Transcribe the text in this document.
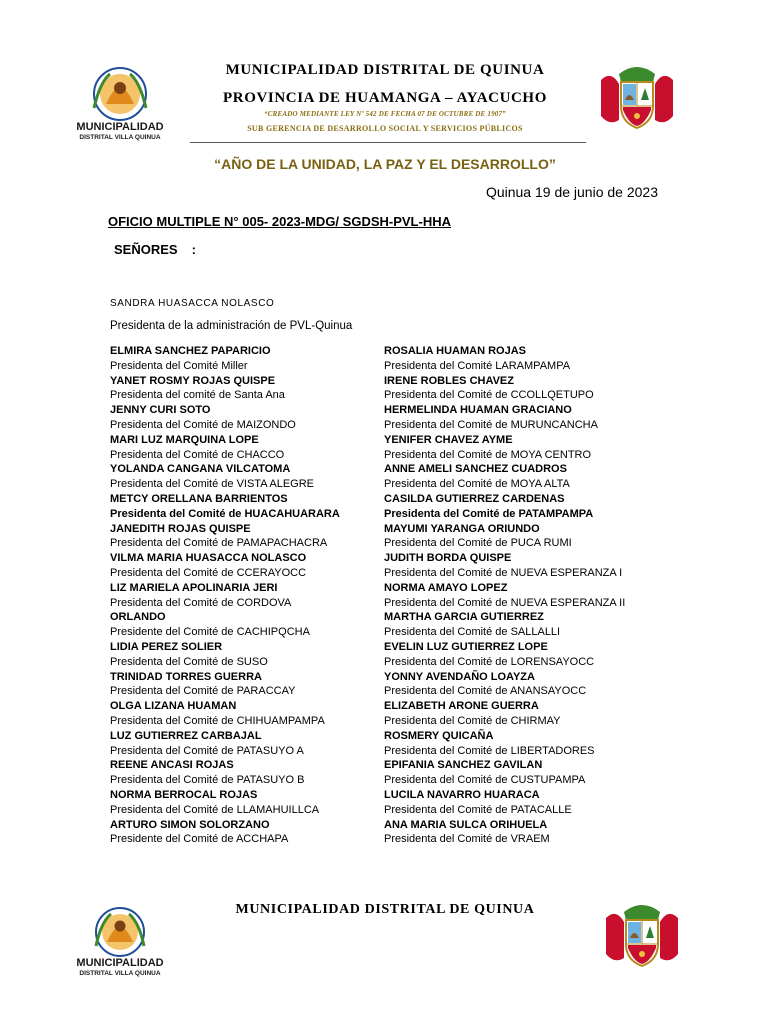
MUNICIPALIDAD
DISTRITAL VILLA QUINUA
MUNICIPALIDAD DISTRITAL DE QUINUA
PROVINCIA DE HUAMANGA – AYACUCHO
“CREADO MEDIANTE LEY Nº 542 DE FECHA 07 DE OCTUBRE DE 1907”
SUB GERENCIA DE DESARROLLO SOCIAL Y SERVICIOS PÚBLICOS
“AÑO DE LA UNIDAD, LA PAZ Y EL DESARROLLO”
Quinua 19 de junio de 2023
OFICIO MULTIPLE N° 005- 2023-MDG/ SGDSH-PVL-HHA
SEÑORES :
SANDRA HUASACCA NOLASCO
Presidenta de la administración de PVL-Quinua
ELMIRA SANCHEZ PAPARICIO
Presidenta del Comité Miller
YANET ROSMY ROJAS QUISPE
Presidenta del comité de Santa Ana
JENNY CURI SOTO
Presidenta del Comité de MAIZONDO
MARI LUZ MARQUINA LOPE
Presidenta del Comité de CHACCO
YOLANDA CANGANA VILCATOMA
Presidenta del Comité de VISTA ALEGRE
METCY ORELLANA BARRIENTOS
Presidenta del Comité de HUACAHUARARA
JANEDITH ROJAS QUISPE
Presidenta del Comité de PAMAPACHACRA
VILMA MARIA HUASACCA NOLASCO
Presidenta del Comité de CCERAYOCC
LIZ MARIELA APOLINARIA JERI
Presidenta del Comité de CORDOVA
ORLANDO
Presidente del Comité de CACHIPQCHA
LIDIA PEREZ SOLIER
Presidenta del Comité de SUSO
TRINIDAD TORRES GUERRA
Presidenta del Comité de PARACCAY
OLGA LIZANA HUAMAN
Presidenta del Comité de CHIHUAMPAMPA
LUZ GUTIERREZ CARBAJAL
Presidenta del Comité de PATASUYO A
REENE ANCASI ROJAS
Presidenta del Comité de PATASUYO B
NORMA BERROCAL ROJAS
Presidenta del Comité de LLAMAHUILLCA
ARTURO SIMON SOLORZANO
Presidente del Comité de ACCHAPA
ROSALIA HUAMAN ROJAS
Presidenta del Comité LARAMPAMPA
IRENE ROBLES CHAVEZ
Presidenta del Comité de CCOLLQETUPO
HERMELINDA HUAMAN GRACIANO
Presidenta del Comité de MURUNCANCHA
YENIFER CHAVEZ AYME
Presidenta del Comité de MOYA CENTRO
ANNE AMELI SANCHEZ CUADROS
Presidenta del Comité de MOYA ALTA
CASILDA GUTIERREZ CARDENAS
Presidenta del Comité de PATAMPAMPA
MAYUMI YARANGA ORIUNDO
Presidenta del Comité de PUCA RUMI
JUDITH BORDA QUISPE
Presidenta del Comité de NUEVA ESPERANZA I
NORMA AMAYO LOPEZ
Presidenta del Comité de NUEVA ESPERANZA II
MARTHA GARCIA GUTIERREZ
Presidenta del Comité de SALLALLI
EVELIN LUZ GUTIERREZ LOPE
Presidenta del Comité de LORENSAYOCC
YONNY AVENDAÑO LOAYZA
Presidenta del Comité de ANANSAYOCC
ELIZABETH ARONE GUERRA
Presidenta del Comité de CHIRMAY
ROSMERY QUICAÑA
Presidenta del Comité de LIBERTADORES
EPIFANIA SANCHEZ GAVILAN
Presidenta del Comité de CUSTUPAMPA
LUCILA NAVARRO HUARACA
Presidenta del Comité de PATACALLE
ANA MARIA SULCA ORIHUELA
Presidenta del Comité de VRAEM
MUNICIPALIDAD
DISTRITAL VILLA QUINUA
MUNICIPALIDAD DISTRITAL DE QUINUA
